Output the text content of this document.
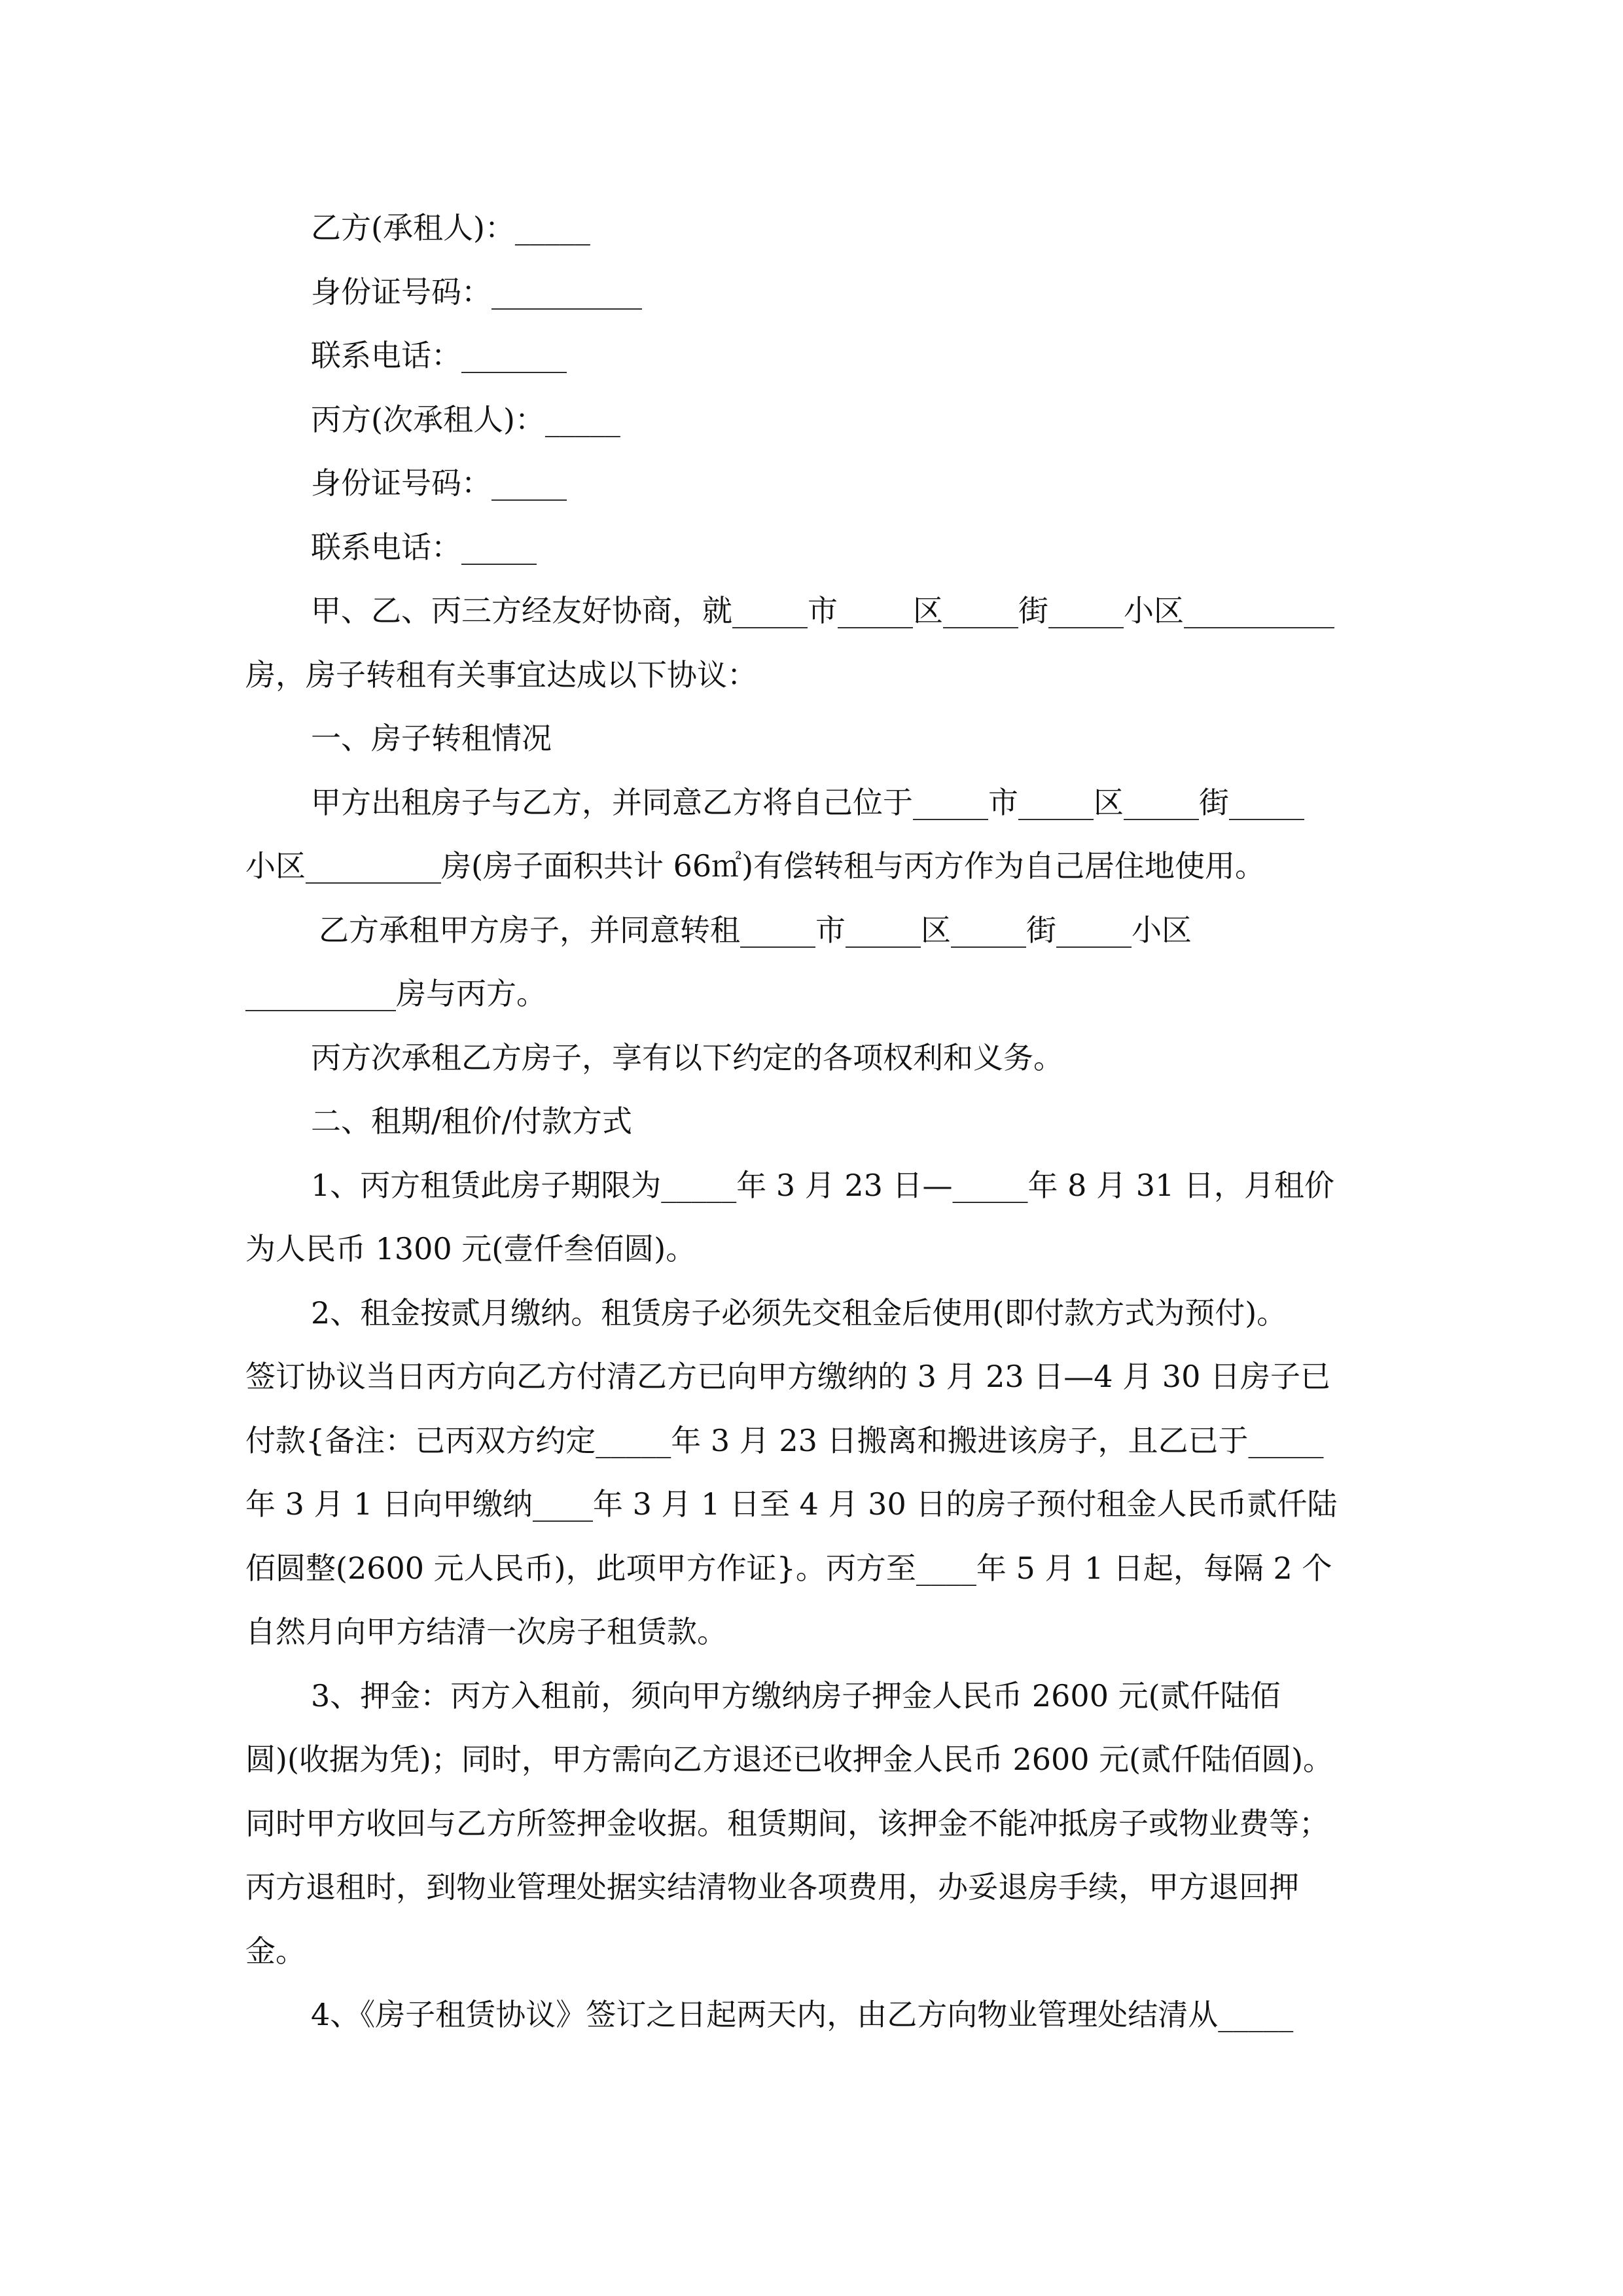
乙方(承租人)：_____
身份证号码：__________
联系电话：_______
丙方(次承租人)：_____
身份证号码：_____
联系电话：_____
甲、乙、丙三方经友好协商，就_____市_____区_____街_____小区__________
房，房子转租有关事宜达成以下协议：
一、房子转租情况
甲方出租房子与乙方，并同意乙方将自己位于_____市_____区_____街_____
小区_________房(房子面积共计 66㎡)有偿转租与丙方作为自己居住地使用。
乙方承租甲方房子，并同意转租_____市_____区_____街_____小区
__________房与丙方。
丙方次承租乙方房子，享有以下约定的各项权利和义务。
二、租期/租价/付款方式
1、丙方租赁此房子期限为_____年 3 月 23 日—_____年 8 月 31 日，月租价
为人民币 1300 元(壹仟叁佰圆)。
2、租金按贰月缴纳。租赁房子必须先交租金后使用(即付款方式为预付)。
签订协议当日丙方向乙方付清乙方已向甲方缴纳的 3 月 23 日—4 月 30 日房子已
付款{备注：已丙双方约定_____年 3 月 23 日搬离和搬进该房子，且乙已于_____
年 3 月 1 日向甲缴纳____年 3 月 1 日至 4 月 30 日的房子预付租金人民币贰仟陆
佰圆整(2600 元人民币)，此项甲方作证}。丙方至____年 5 月 1 日起，每隔 2 个
自然月向甲方结清一次房子租赁款。
3、押金：丙方入租前，须向甲方缴纳房子押金人民币 2600 元(贰仟陆佰
圆)(收据为凭)；同时，甲方需向乙方退还已收押金人民币 2600 元(贰仟陆佰圆)。
同时甲方收回与乙方所签押金收据。租赁期间，该押金不能冲抵房子或物业费等；
丙方退租时，到物业管理处据实结清物业各项费用，办妥退房手续，甲方退回押
金。
4、《房子租赁协议》签订之日起两天内，由乙方向物业管理处结清从_____
